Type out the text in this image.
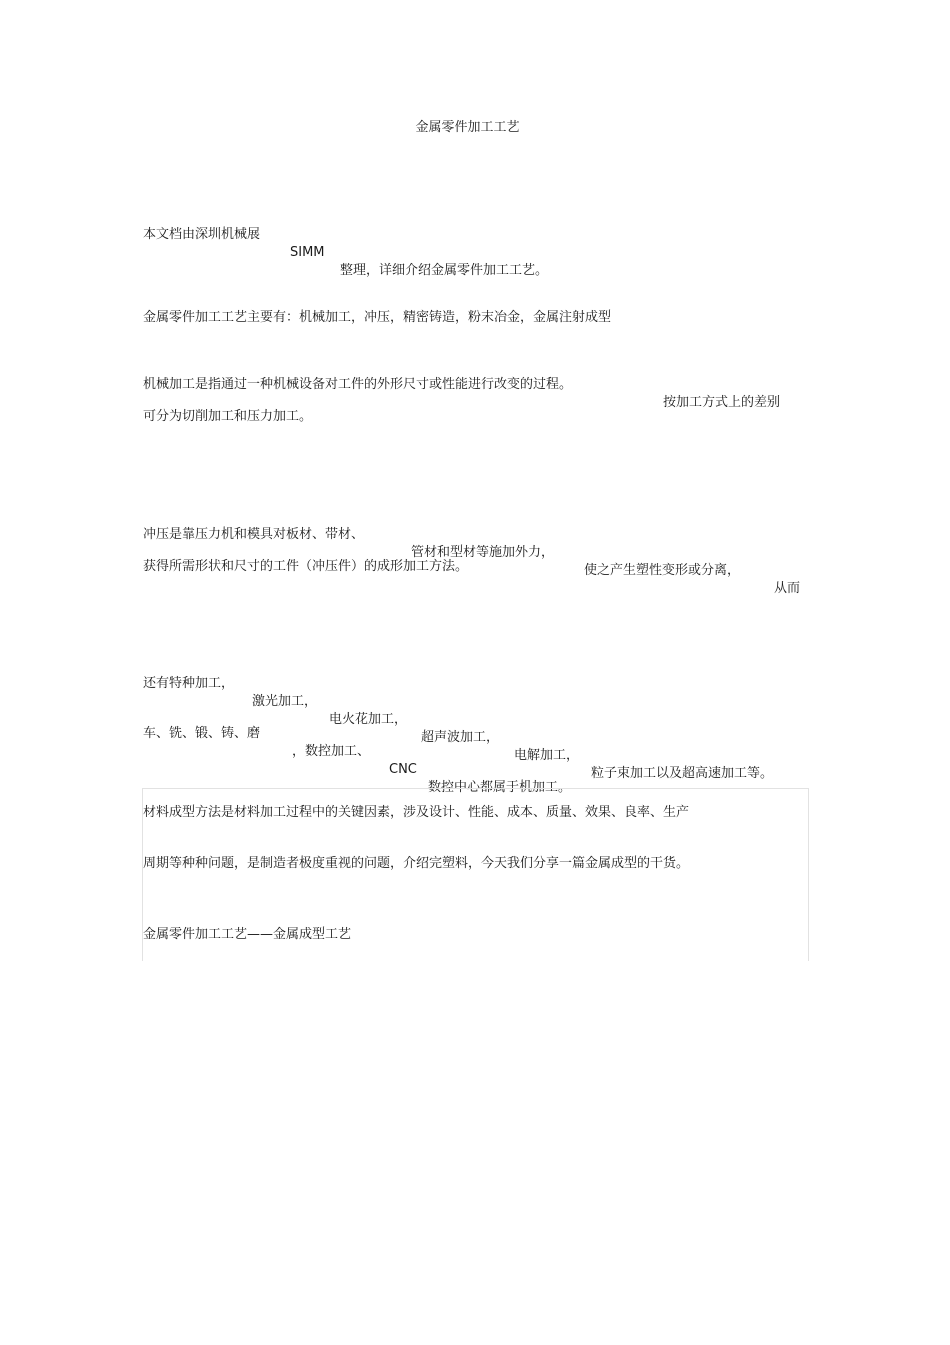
金属零件加工工艺

本文档由深圳机械展

SIMM

整理，详细介绍金属零件加工工艺。

金属零件加工工艺主要有：机械加工，冲压，精密铸造，粉末冶金，金属注射成型

机械加工是指通过一种机械设备对工件的外形尺寸或性能进行改变的过程。

按加工方式上的差别

可分为切削加工和压力加工。

冲压是靠压力机和模具对板材、带材、

管材和型材等施加外力，

使之产生塑性变形或分离，

从而

获得所需形状和尺寸的工件（冲压件）的成形加工方法。

还有特种加工，

激光加工，

电火花加工，

超声波加工，

电解加工，

粒子束加工以及超高速加工等。

车、铣、锻、铸、磨

，数控加工、

CNC

数控中心都属于机加工。

材料成型方法是材料加工过程中的关键因素，涉及设计、性能、成本、质量、效果、良率、生产
周期等种种问题，是制造者极度重视的问题，介绍完塑料，今天我们分享一篇金属成型的干货。
金属零件加工工艺——金属成型工艺
